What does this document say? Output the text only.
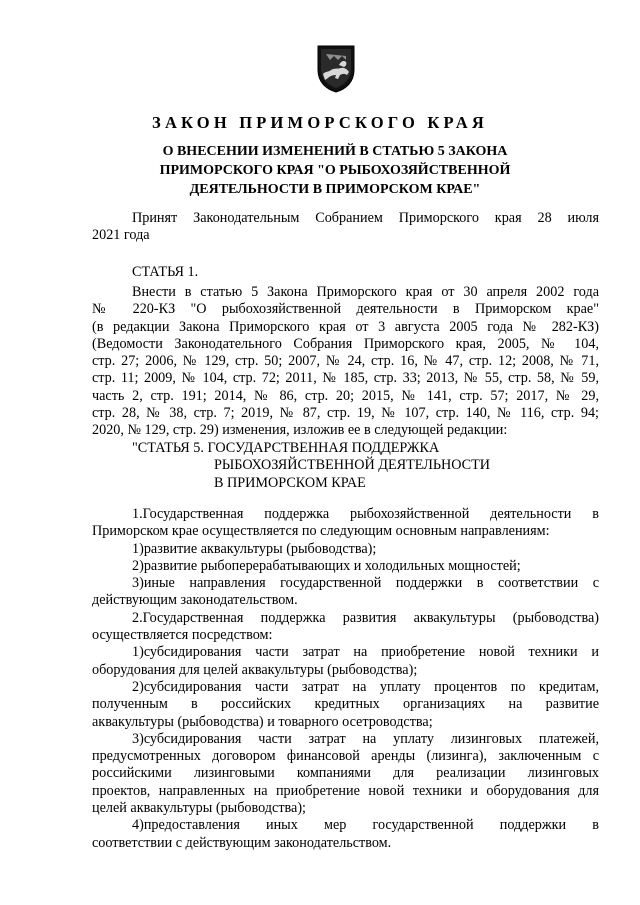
ЗАКОН ПРИМОРСКОГО КРАЯ
О ВНЕСЕНИИ ИЗМЕНЕНИЙ В СТАТЬЮ 5 ЗАКОНА
ПРИМОРСКОГО КРАЯ "О РЫБОХОЗЯЙСТВЕННОЙ
ДЕЯТЕЛЬНОСТИ В ПРИМОРСКОМ КРАЕ"

Принят Законодательным Собранием Приморского края 28 июля
2021 года

СТАТЬЯ 1.

Внести в статью 5 Закона Приморского края от 30 апреля 2002 года
№ 220-КЗ "О рыбохозяйственной деятельности в Приморском крае"
(в редакции Закона Приморского края от 3 августа 2005 года № 282-КЗ)
(Ведомости Законодательного Собрания Приморского края, 2005, № 104,
стр. 27; 2006, № 129, стр. 50; 2007, № 24, стр. 16, № 47, стр. 12; 2008, № 71,
стр. 11; 2009, № 104, стр. 72; 2011, № 185, стр. 33; 2013, № 55, стр. 58, № 59,
часть 2, стр. 191; 2014, № 86, стр. 20; 2015, № 141, стр. 57; 2017, № 29,
стр. 28, № 38, стр. 7; 2019, № 87, стр. 19, № 107, стр. 140, № 116, стр. 94;
2020, № 129, стр. 29) изменения, изложив ее в следующей редакции:

"СТАТЬЯ 5. ГОСУДАРСТВЕННАЯ ПОДДЕРЖКА
РЫБОХОЗЯЙСТВЕННОЙ ДЕЯТЕЛЬНОСТИ
В ПРИМОРСКОМ КРАЕ

1.Государственная поддержка рыбохозяйственной деятельности в
Приморском крае осуществляется по следующим основным направлениям:
1)развитие аквакультуры (рыбоводства);
2)развитие рыбоперерабатывающих и холодильных мощностей;
3)иные направления государственной поддержки в соответствии с
действующим законодательством.
2.Государственная поддержка развития аквакультуры (рыбоводства)
осуществляется посредством:
1)субсидирования части затрат на приобретение новой техники и
оборудования для целей аквакультуры (рыбоводства);
2)субсидирования части затрат на уплату процентов по кредитам,
полученным в российских кредитных организациях на развитие
аквакультуры (рыбоводства) и товарного осетроводства;
3)субсидирования части затрат на уплату лизинговых платежей,
предусмотренных договором финансовой аренды (лизинга), заключенным с
российскими лизинговыми компаниями для реализации лизинговых
проектов, направленных на приобретение новой техники и оборудования для
целей аквакультуры (рыбоводства);
4)предоставления иных мер государственной поддержки в
соответствии с действующим законодательством.
